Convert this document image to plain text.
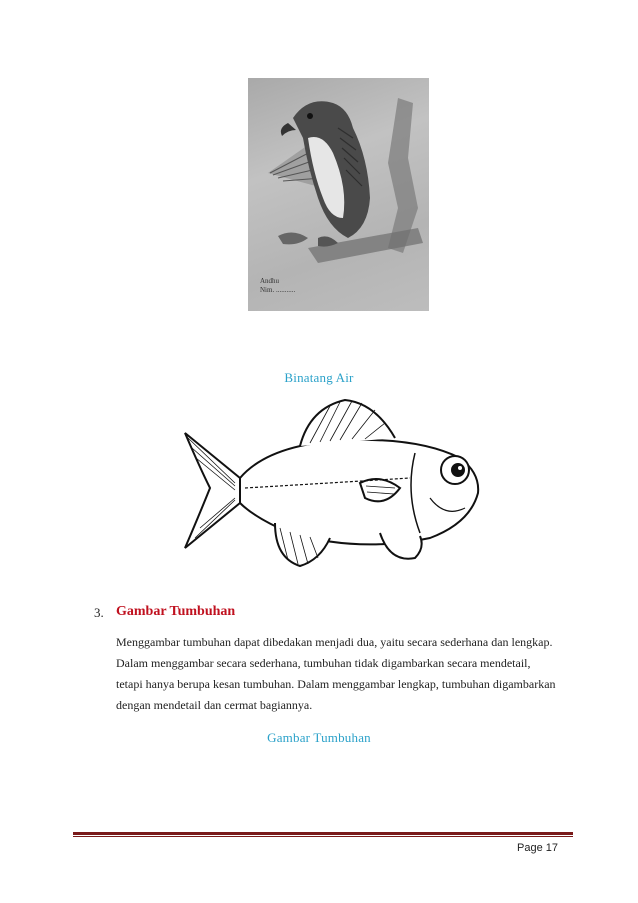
Andhu
Nim. ...........
Binatang Air
3. Gambar Tumbuhan
Menggambar tumbuhan dapat dibedakan menjadi dua, yaitu secara sederhana dan lengkap. Dalam menggambar secara sederhana, tumbuhan tidak digambarkan secara mendetail, tetapi hanya berupa kesan tumbuhan. Dalam menggambar lengkap, tumbuhan digambarkan dengan mendetail dan cermat bagiannya.
Gambar Tumbuhan
Page 17
